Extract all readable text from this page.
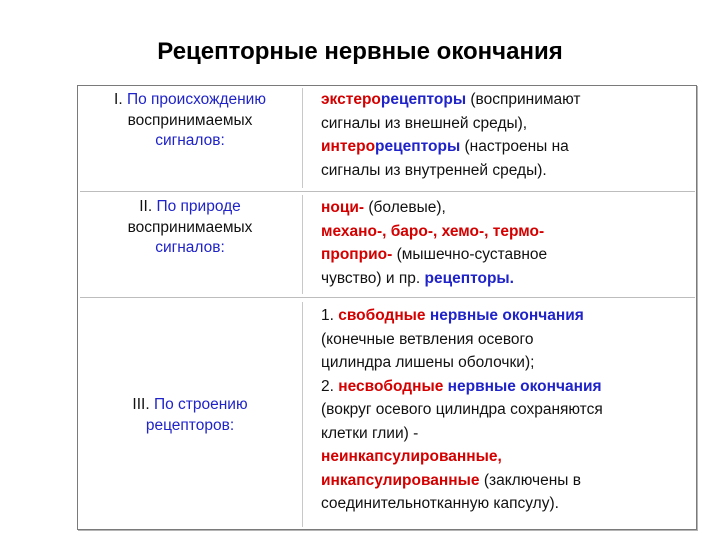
Рецепторные нервные окончания
I. По происхождению
воспринимаемых
сигналов:
экстерорецепторы (воспринимают
сигналы из внешней среды),
интерорецепторы (настроены на
сигналы из внутренней среды).
II. По природе
воспринимаемых
сигналов:
ноци- (болевые),
механо-, баро-, хемо-, термо-
проприо- (мышечно-суставное
чувство) и пр. рецепторы.
III. По строению
рецепторов:
1. свободные нервные окончания
(конечные ветвления осевого
цилиндра лишены оболочки);
2. несвободные нервные окончания
(вокруг осевого цилиндра сохраняются
клетки глии) -
неинкапсулированные,
инкапсулированные (заключены в
соединительнотканную капсулу).
